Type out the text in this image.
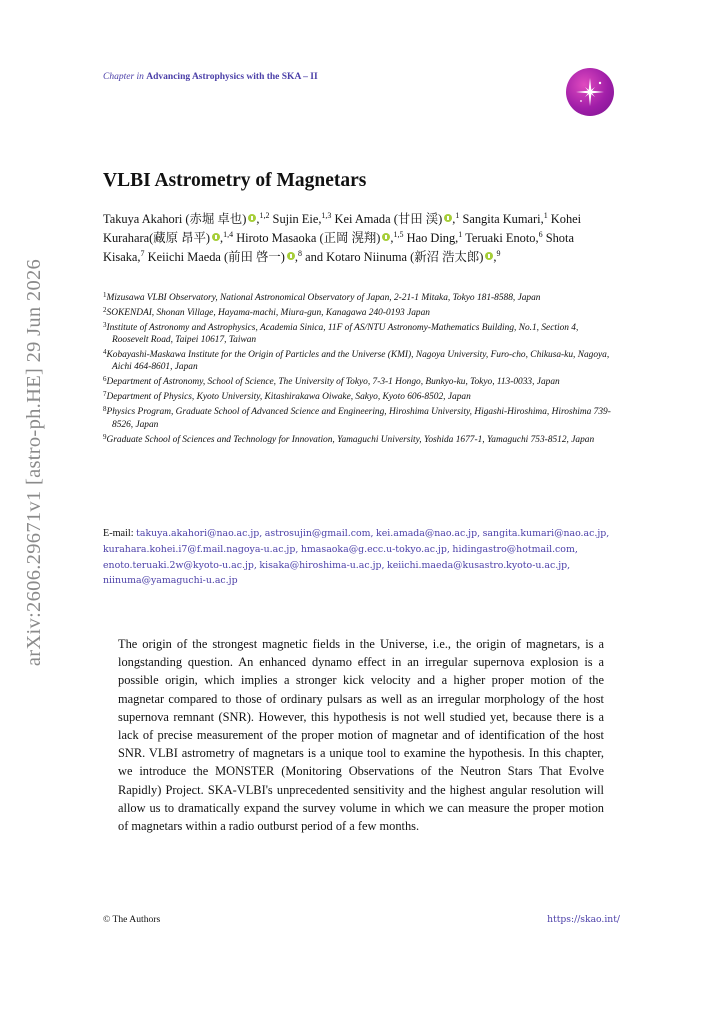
arXiv:2606.29671v1 [astro-ph.HE] 29 Jun 2026
Chapter in Advancing Astrophysics with the SKA – II
VLBI Astrometry of Magnetars
Takuya Akahori (赤堀 卓也) ,$^{1,2}$ Sujin Eie,$^{1,3}$ Kei Amada (甘田 渓) ,$^1$ Sangita Kumari,$^1$ Kohei Kurahara(藏原 昂平) ,$^{1,4}$ Hiroto Masaoka (正岡 滉翔) ,$^{1,5}$ Hao Ding,$^1$ Teruaki Enoto,$^6$ Shota Kisaka,$^7$ Keiichi Maeda (前田 啓一) ,$^8$ and Kotaro Niinuma (新沼 浩太郎) ,$^9$
$^1$Mizusawa VLBI Observatory, National Astronomical Observatory of Japan, 2-21-1 Mitaka, Tokyo 181-8588, Japan
$^2$SOKENDAI, Shonan Village, Hayama-machi, Miura-gun, Kanagawa 240-0193 Japan
$^3$Institute of Astronomy and Astrophysics, Academia Sinica, 11F of AS/NTU Astronomy-Mathematics Building, No.1, Section 4, Roosevelt Road, Taipei 10617, Taiwan
$^4$Kobayashi-Maskawa Institute for the Origin of Particles and the Universe (KMI), Nagoya University, Furo-cho, Chikusa-ku, Nagoya, Aichi 464-8601, Japan
$^6$Department of Astronomy, School of Science, The University of Tokyo, 7-3-1 Hongo, Bunkyo-ku, Tokyo, 113-0033, Japan
$^7$Department of Physics, Kyoto University, Kitashirakawa Oiwake, Sakyo, Kyoto 606-8502, Japan
$^8$Physics Program, Graduate School of Advanced Science and Engineering, Hiroshima University, Higashi-Hiroshima, Hiroshima 739-8526, Japan
$^9$Graduate School of Sciences and Technology for Innovation, Yamaguchi University, Yoshida 1677-1, Yamaguchi 753-8512, Japan
E-mail: takuya.akahori@nao.ac.jp, astrosujin@gmail.com, kei.amada@nao.ac.jp, sangita.kumari@nao.ac.jp, kurahara.kohei.i7@f.mail.nagoya-u.ac.jp, hmasaoka@g.ecc.u-tokyo.ac.jp, hidingastro@hotmail.com, enoto.teruaki.2w@kyoto-u.ac.jp, kisaka@hiroshima-u.ac.jp, keiichi.maeda@kusastro.kyoto-u.ac.jp, niinuma@yamaguchi-u.ac.jp

The origin of the strongest magnetic fields in the Universe, i.e., the origin of magnetars, is a longstanding question. An enhanced dynamo effect in an irregular supernova explosion is a possible origin, which implies a stronger kick velocity and a higher proper motion of the magnetar compared to those of ordinary pulsars as well as an irregular morphology of the host supernova remnant (SNR). However, this hypothesis is not well studied yet, because there is a lack of precise measurement of the proper motion of magnetar and of identification of the host SNR. VLBI astrometry of magnetars is a unique tool to examine the hypothesis. In this chapter, we introduce the MONSTER (Monitoring Observations of the Neutron Stars That Evolve Rapidly) Project. SKA-VLBI's unprecedented sensitivity and the highest angular resolution will allow us to dramatically expand the survey volume in which we can measure the proper motion of magnetars within a radio outburst period of a few months.

© The Authors	https://skao.int/
